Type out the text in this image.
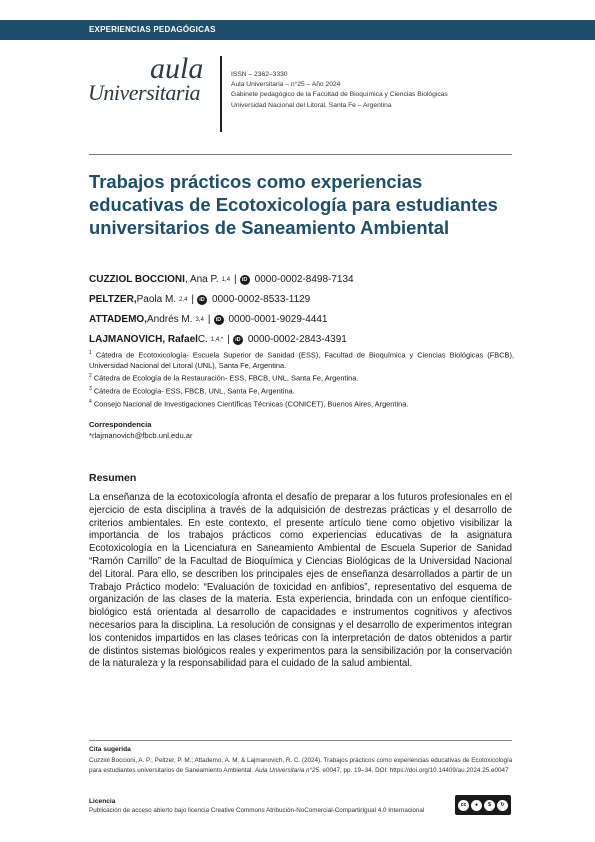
EXPERIENCIAS PEDAGÓGICAS
aula
Universitaria
ISSN – 2362–3330
Aula Universitaria – n°25 – Año 2024
Gabinete pedagógico de la Facultad de Bioquímica y Ciencias Biológicas
Universidad Nacional del Litoral, Santa Fe – Argentina
Trabajos prácticos como experiencias educativas de Ecotoxicología para estudiantes universitarios de Saneamiento Ambiental
CUZZIOL BOCCIONI , Ana P. 1,4 | iD 0000-0002-8498-7134
PELTZER, Paola M. 2,4 | iD 0000-0002-8533-1129
ATTADEMO, Andrés M. 3,4 | iD 0000-0001-9029-4441
LAJMANOVICH, Rafael C. 1,4,* | iD 0000-0002-2843-4391

$^1$ Cátedra de Ecotoxicología- Escuela Superior de Sanidad (ESS), Facultad de Bioquímica y Ciencias Biológicas (FBCB), Universidad Nacional del Litoral (UNL), Santa Fe, Argentina.

$^2$ Cátedra de Ecología de la Restauración- ESS, FBCB, UNL, Santa Fe, Argentina.

$^3$ Cátedra de Ecología- ESS, FBCB, UNL, Santa Fe, Argentina.

$^4$ Consejo Nacional de Investigaciones Científicas Técnicas (CONICET), Buenos Aires, Argentina.

Correspondencia
*rlajmanovich@fbcb.unl.edu.ar
Resumen

La enseñanza de la ecotoxicología afronta el desafío de preparar a los futuros profesionales en el ejercicio de esta disciplina a través de la adquisición de destrezas prácticas y el desarrollo de criterios ambientales. En este contexto, el presente artículo tiene como objetivo visibilizar la importancia de los trabajos prácticos como experiencias educativas de la asignatura Ecotoxicología en la Licenciatura en Saneamiento Ambiental de Escuela Superior de Sanidad “Ramón Carrillo” de la Facultad de Bioquímica y Ciencias Biológicas de la Universidad Nacional del Litoral. Para ello, se describen los principales ejes de enseñanza desarrollados a partir de un Trabajo Práctico modelo: “Evaluación de toxicidad en anfibios”, representativo del esquema de organización de las clases de la materia. Esta experiencia, brindada con un enfoque científico-biológico está orientada al desarrollo de capacidades e instrumentos cognitivos y afectivos necesarios para la disciplina. La resolución de consignas y el desarrollo de experimentos integran los contenidos impartidos en las clases teóricas con la interpretación de datos obtenidos a partir de distintos sistemas biológicos reales y experimentos para la sensibilización por la conservación de la naturaleza y la responsabilidad para el cuidado de la salud ambiental.

Cita sugerida
Cuzziol Boccioni, A. P.; Peltzer, P. M.; Attademo, A. M. & Lajmanovich, R. C. (2024). Trabajos prácticos como experiencias educativas de Ecotoxicología para estudiantes universitarios de Saneamiento Ambiental. Aula Universitaria n°25. e0047, pp. 19–34. DOI: https://doi.org/10.14409/au.2024.25.e0047
Licencia
Publicación de acceso abierto bajo licencia Creative Commons Atribución-NoComercial-CompartirIgual 4.0 Internacional
cc	●	$	↻
